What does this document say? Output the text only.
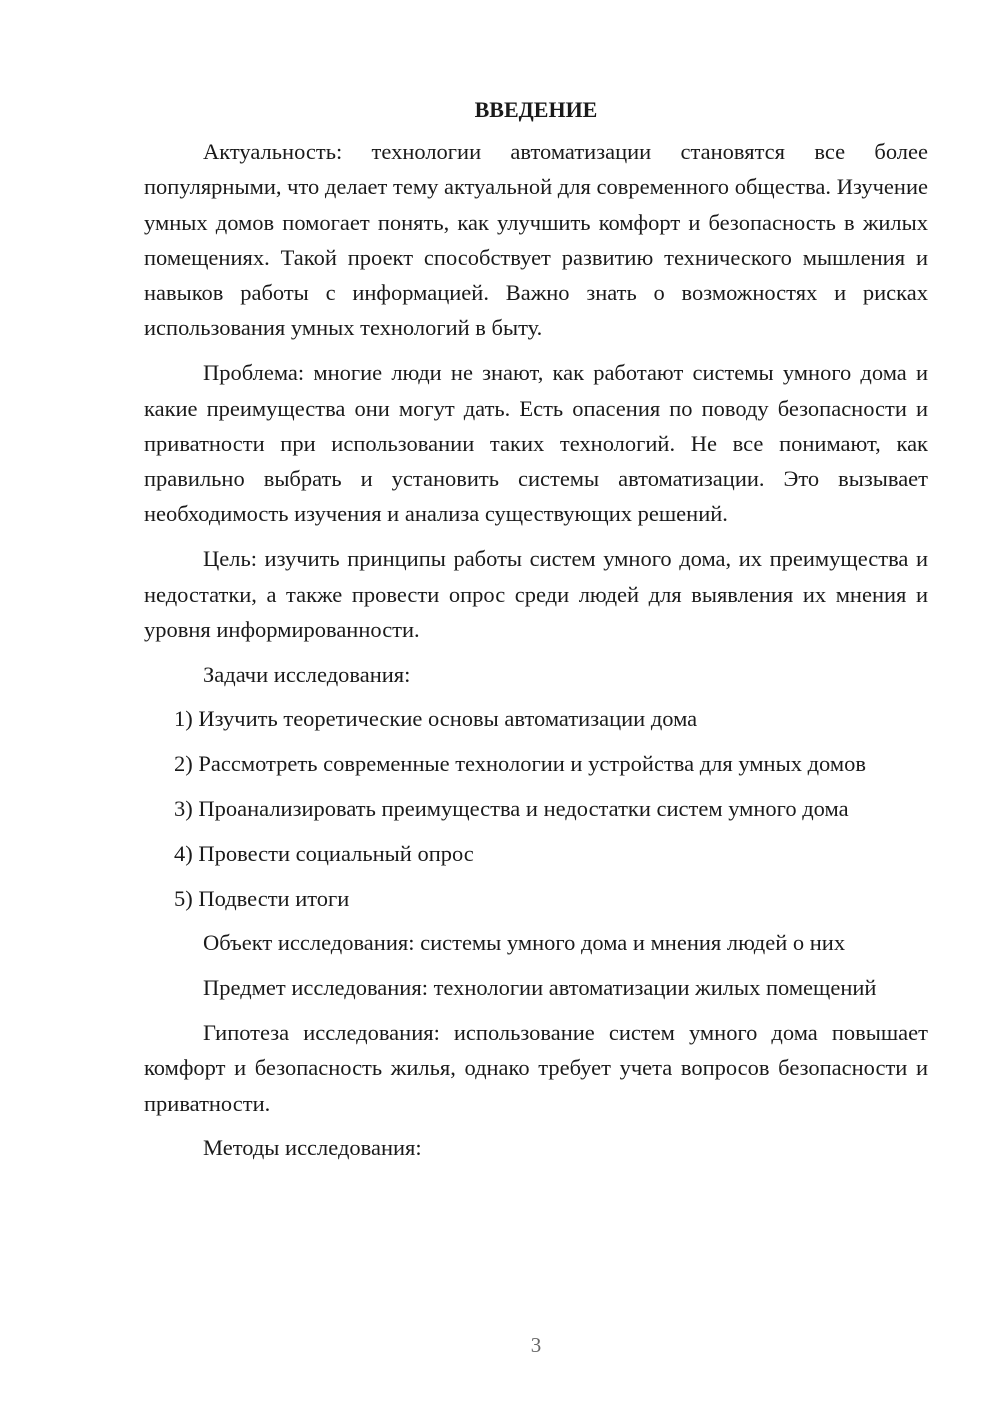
ВВЕДЕНИЕ

Актуальность: технологии автоматизации становятся все более популярными, что делает тему актуальной для современного общества. Изучение умных домов помогает понять, как улучшить комфорт и безопасность в жилых помещениях. Такой проект способствует развитию технического мышления и навыков работы с информацией. Важно знать о возможностях и рисках использования умных технологий в быту.

Проблема: многие люди не знают, как работают системы умного дома и какие преимущества они могут дать. Есть опасения по поводу безопасности и приватности при использовании таких технологий. Не все понимают, как правильно выбрать и установить системы автоматизации. Это вызывает необходимость изучения и анализа существующих решений.

Цель: изучить принципы работы систем умного дома, их преимущества и недостатки, а также провести опрос среди людей для выявления их мнения и уровня информированности.

Задачи исследования:

1) Изучить теоретические основы автоматизации дома

2) Рассмотреть современные технологии и устройства для умных домов

3) Проанализировать преимущества и недостатки систем умного дома

4) Провести социальный опрос

5) Подвести итоги

Объект исследования: системы умного дома и мнения людей о них

Предмет исследования: технологии автоматизации жилых помещений

Гипотеза исследования: использование систем умного дома повышает комфорт и безопасность жилья, однако требует учета вопросов безопасности и приватности.

Методы исследования:

3
